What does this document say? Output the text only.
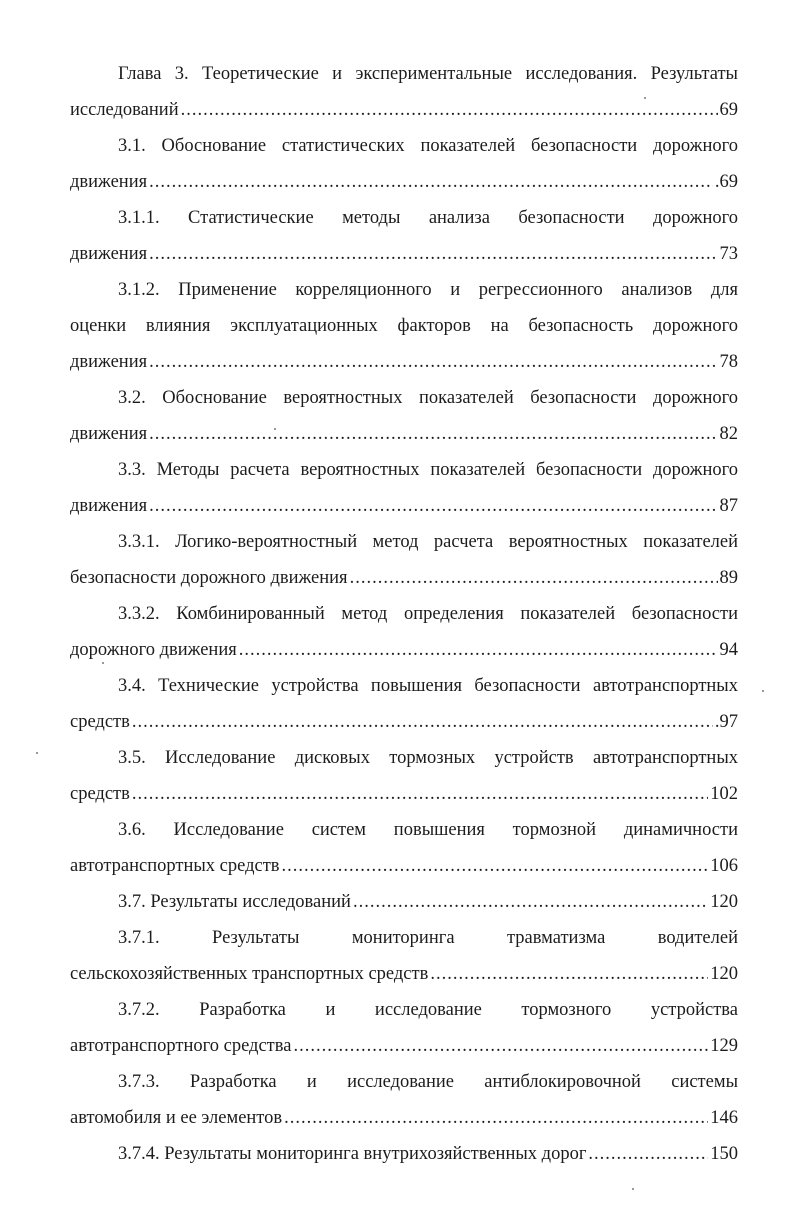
Глава 3. Теоретические и экспериментальные исследования. Результаты
исследований .....	69
3.1. Обоснование статистических показателей безопасности дорожного
движения .....	.69
3.1.1. Статистические методы анализа безопасности дорожного
движения .....	73
3.1.2. Применение корреляционного и регрессионного анализов для
оценки влияния эксплуатационных факторов на безопасность дорожного
движения .....	78
3.2. Обоснование вероятностных показателей безопасности дорожного
движения .....	82
3.3. Методы расчета вероятностных показателей безопасности дорожного
движения .....	87
3.3.1. Логико-вероятностный метод расчета вероятностных показателей
безопасности дорожного движения .....	89
3.3.2. Комбинированный метод определения показателей безопасности
дорожного движения .....	94
3.4. Технические устройства повышения безопасности автотранспортных
средств .....	.97
3.5. Исследование дисковых тормозных устройств автотранспортных
средств .....	102
3.6. Исследование систем повышения тормозной динамичности
автотранспортных средств .....	106
3.7. Результаты исследований .....	120
3.7.1. Результаты мониторинга травматизма водителей
сельскохозяйственных транспортных средств .....	120
3.7.2. Разработка и исследование тормозного устройства
автотранспортного средства .....	129
3.7.3. Разработка и исследование антиблокировочной системы
автомобиля и ее элементов .....	146
3.7.4. Результаты мониторинга внутрихозяйственных дорог .....	150
